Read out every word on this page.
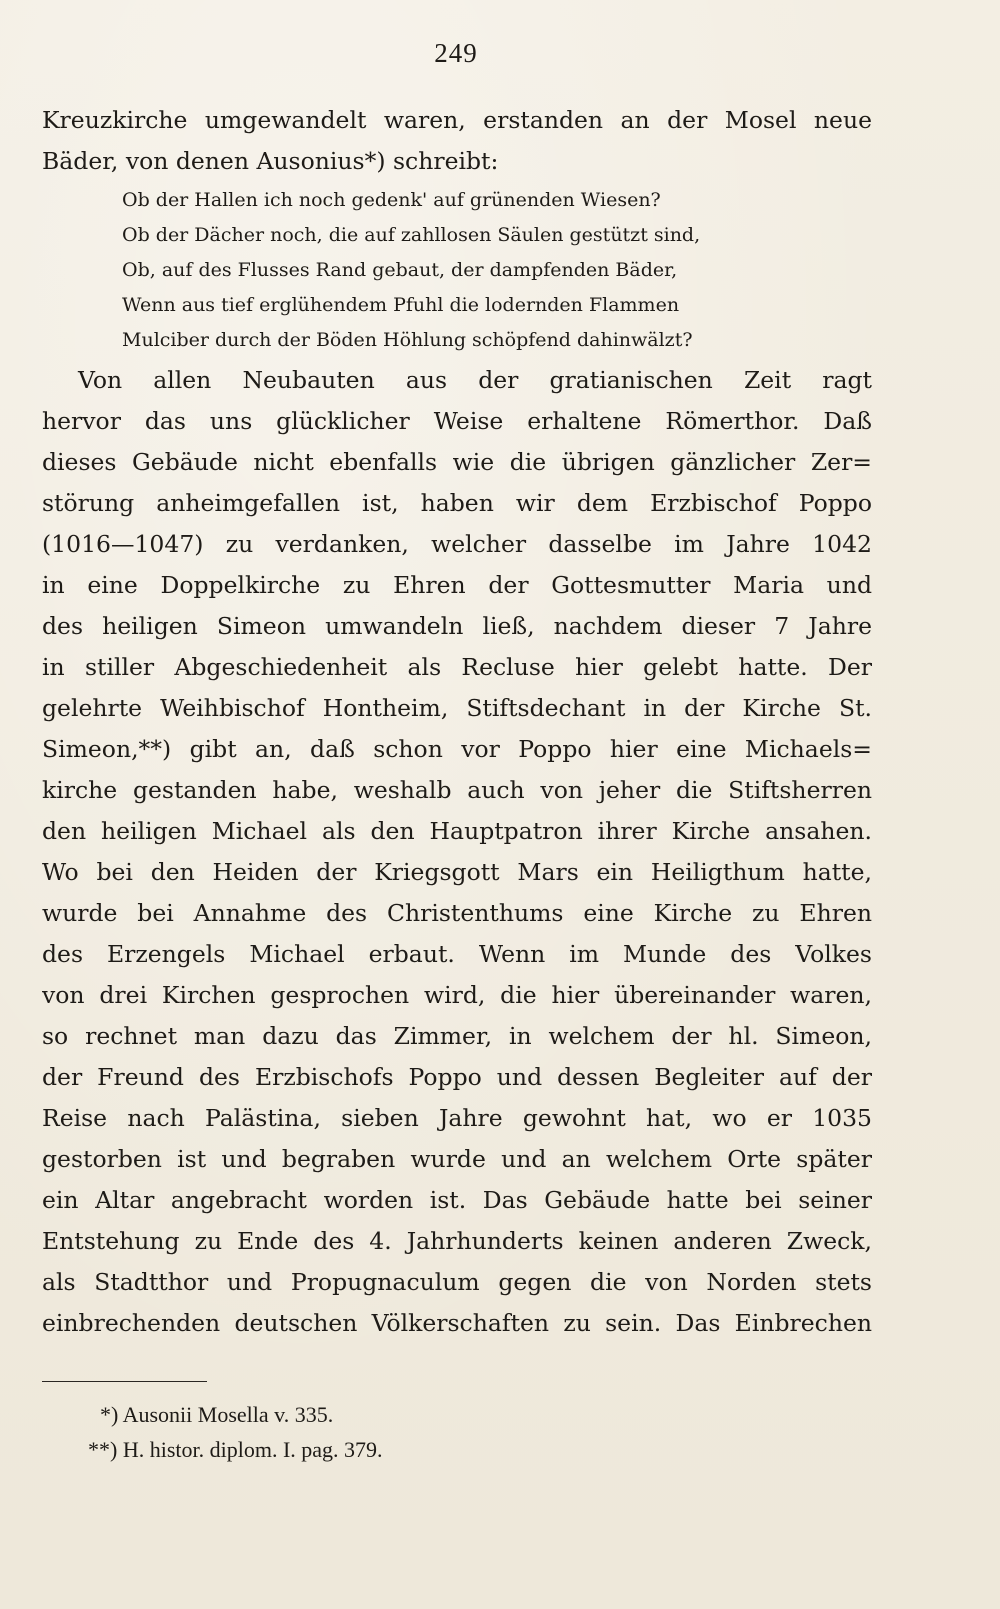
249
Kreuzkirche umgewandelt waren, erstanden an der Mosel neue
Bäder, von denen Ausonius*) schreibt:
Ob der Hallen ich noch gedenk' auf grünenden Wiesen?
Ob der Dächer noch, die auf zahllosen Säulen gestützt sind,
Ob, auf des Flusses Rand gebaut, der dampfenden Bäder,
Wenn aus tief erglühendem Pfuhl die lodernden Flammen
Mulciber durch der Böden Höhlung schöpfend dahinwälzt?
Von allen Neubauten aus der gratianischen Zeit ragt
hervor das uns glücklicher Weise erhaltene Römerthor. Daß
dieses Gebäude nicht ebenfalls wie die übrigen gänzlicher Zer=
störung anheimgefallen ist, haben wir dem Erzbischof Poppo
(1016—1047) zu verdanken, welcher dasselbe im Jahre 1042
in eine Doppelkirche zu Ehren der Gottesmutter Maria und
des heiligen Simeon umwandeln ließ, nachdem dieser 7 Jahre
in stiller Abgeschiedenheit als Recluse hier gelebt hatte. Der
gelehrte Weihbischof Hontheim, Stiftsdechant in der Kirche St.
Simeon,**) gibt an, daß schon vor Poppo hier eine Michaels=
kirche gestanden habe, weshalb auch von jeher die Stiftsherren
den heiligen Michael als den Hauptpatron ihrer Kirche ansahen.
Wo bei den Heiden der Kriegsgott Mars ein Heiligthum hatte,
wurde bei Annahme des Christenthums eine Kirche zu Ehren
des Erzengels Michael erbaut. Wenn im Munde des Volkes
von drei Kirchen gesprochen wird, die hier übereinander waren,
so rechnet man dazu das Zimmer, in welchem der hl. Simeon,
der Freund des Erzbischofs Poppo und dessen Begleiter auf der
Reise nach Palästina, sieben Jahre gewohnt hat, wo er 1035
gestorben ist und begraben wurde und an welchem Orte später
ein Altar angebracht worden ist. Das Gebäude hatte bei seiner
Entstehung zu Ende des 4. Jahrhunderts keinen anderen Zweck,
als Stadtthor und Propugnaculum gegen die von Norden stets
einbrechenden deutschen Völkerschaften zu sein. Das Einbrechen
*) Ausonii Mosella v. 335.
**) H. histor. diplom. I. pag. 379.
